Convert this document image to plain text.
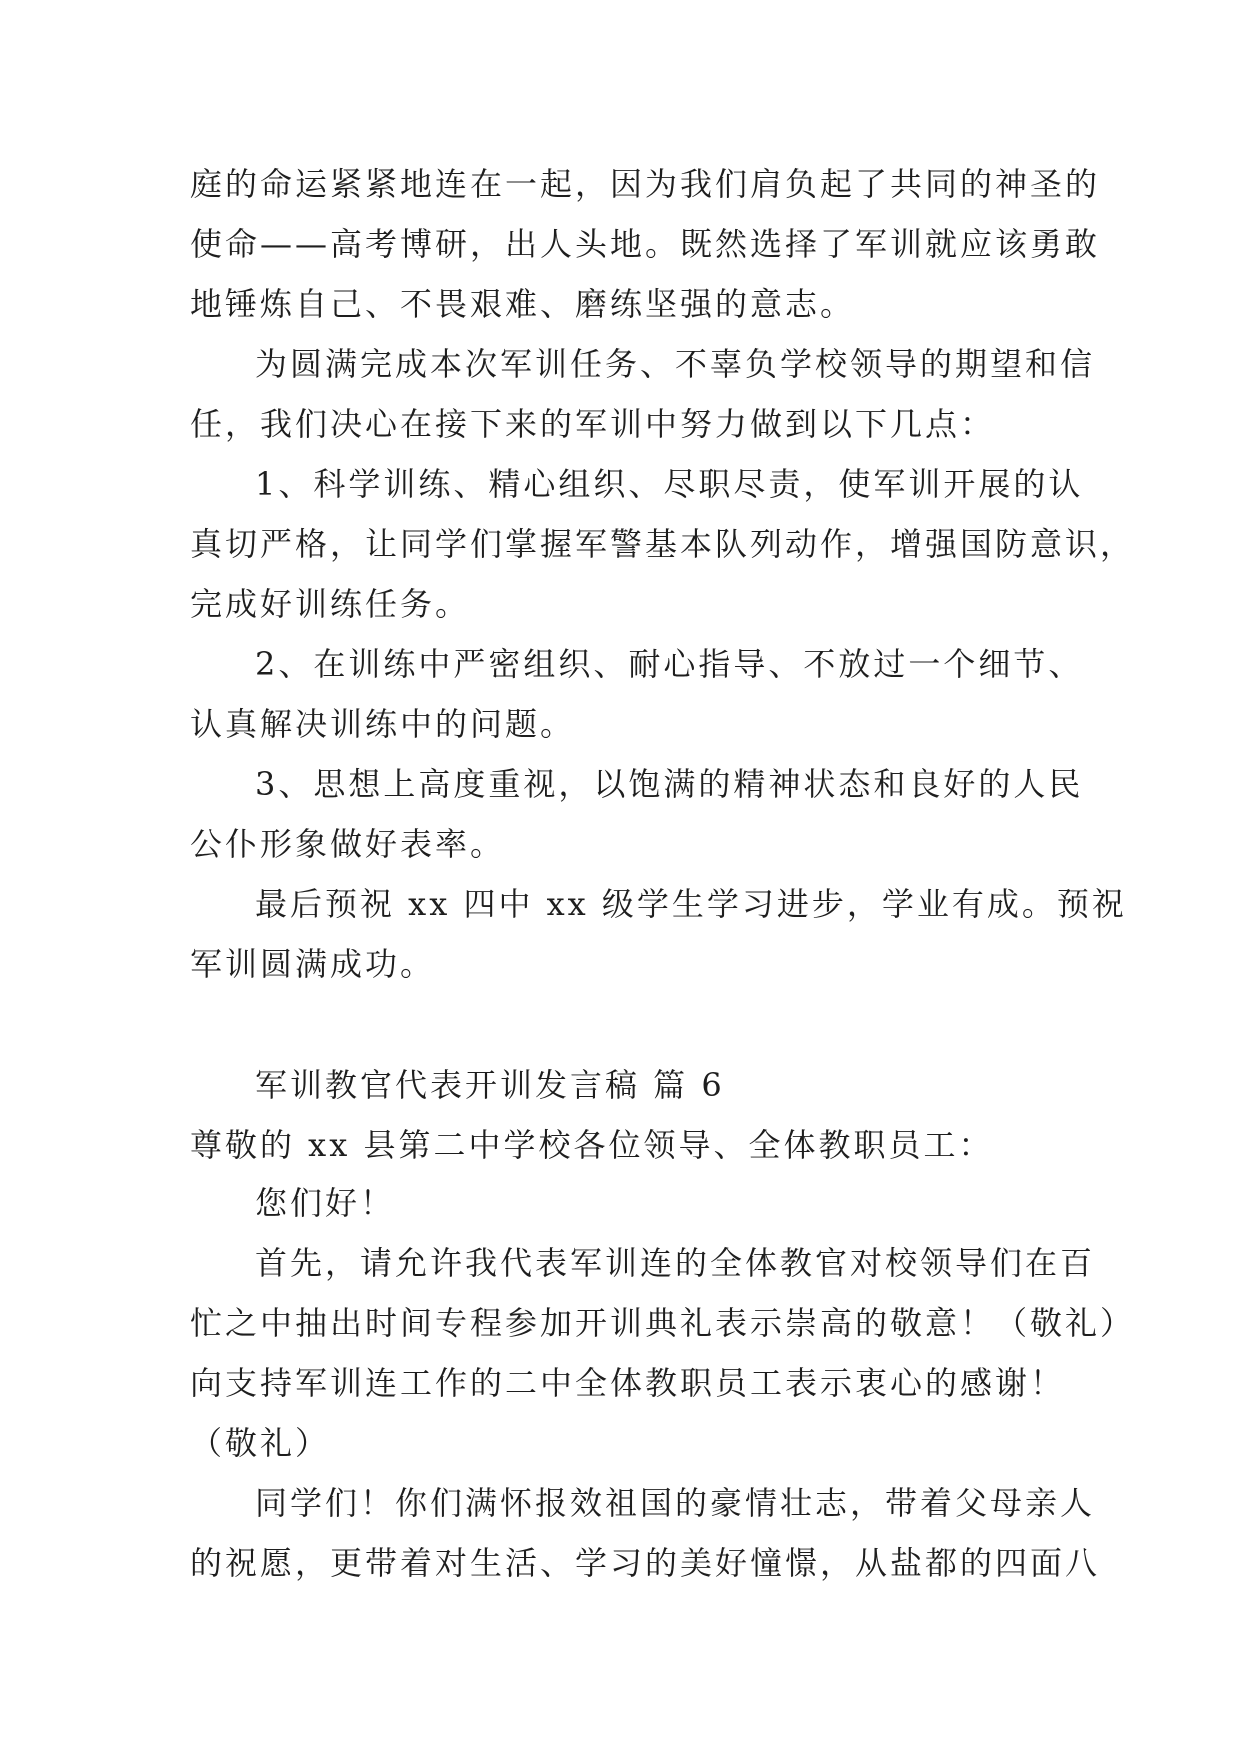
庭的命运紧紧地连在一起，因为我们肩负起了共同的神圣的
使命——高考博研，出人头地。既然选择了军训就应该勇敢
地锤炼自己、不畏艰难、磨练坚强的意志。
为圆满完成本次军训任务、不辜负学校领导的期望和信
任，我们决心在接下来的军训中努力做到以下几点：
1、科学训练、精心组织、尽职尽责，使军训开展的认
真切严格，让同学们掌握军警基本队列动作，增强国防意识，
完成好训练任务。
2、在训练中严密组织、耐心指导、不放过一个细节、
认真解决训练中的问题。
3、思想上高度重视，以饱满的精神状态和良好的人民
公仆形象做好表率。
最后预祝 xx 四中 xx 级学生学习进步，学业有成。预祝
军训圆满成功。
军训教官代表开训发言稿 篇 6
尊敬的 xx 县第二中学校各位领导、全体教职员工：
您们好！
首先，请允许我代表军训连的全体教官对校领导们在百
忙之中抽出时间专程参加开训典礼表示崇高的敬意！（敬礼）
向支持军训连工作的二中全体教职员工表示衷心的感谢！
（敬礼）
同学们！你们满怀报效祖国的豪情壮志，带着父母亲人
的祝愿，更带着对生活、学习的美好憧憬，从盐都的四面八
